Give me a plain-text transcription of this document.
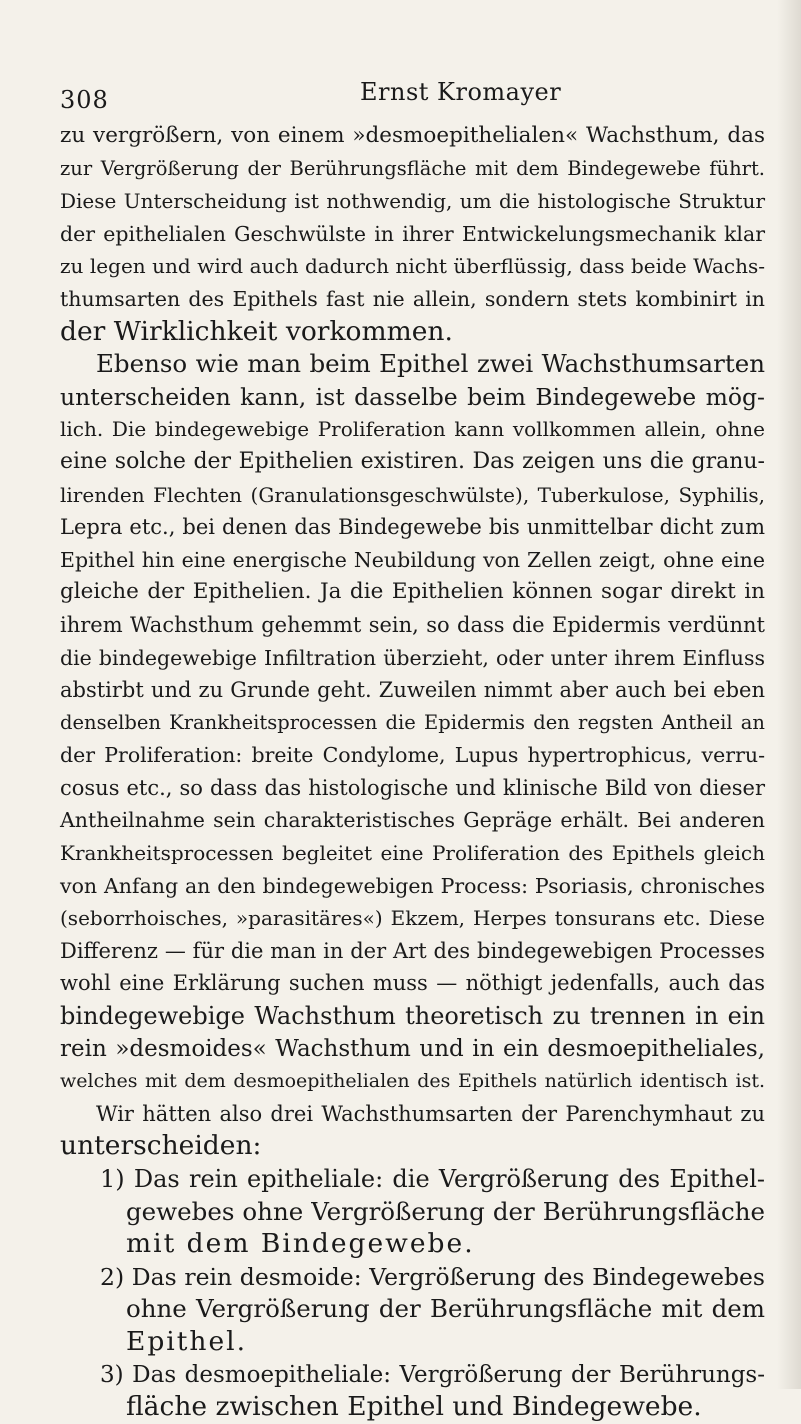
308	Ernst Kromayer
zu vergrößern, von einem »desmoepithelialen« Wachsthum, das
zur Vergrößerung der Berührungsfläche mit dem Bindegewebe führt.
Diese Unterscheidung ist nothwendig, um die histologische Struktur
der epithelialen Geschwülste in ihrer Entwickelungsmechanik klar
zu legen und wird auch dadurch nicht überflüssig, dass beide Wachs-
thumsarten des Epithels fast nie allein, sondern stets kombinirt in
der Wirklichkeit vorkommen.
Ebenso wie man beim Epithel zwei Wachsthumsarten
unterscheiden kann, ist dasselbe beim Bindegewebe mög-
lich. Die bindegewebige Proliferation kann vollkommen allein, ohne
eine solche der Epithelien existiren. Das zeigen uns die granu-
lirenden Flechten (Granulationsgeschwülste), Tuberkulose, Syphilis,
Lepra etc., bei denen das Bindegewebe bis unmittelbar dicht zum
Epithel hin eine energische Neubildung von Zellen zeigt, ohne eine
gleiche der Epithelien. Ja die Epithelien können sogar direkt in
ihrem Wachsthum gehemmt sein, so dass die Epidermis verdünnt
die bindegewebige Infiltration überzieht, oder unter ihrem Einfluss
abstirbt und zu Grunde geht. Zuweilen nimmt aber auch bei eben
denselben Krankheitsprocessen die Epidermis den regsten Antheil an
der Proliferation: breite Condylome, Lupus hypertrophicus, verru-
cosus etc., so dass das histologische und klinische Bild von dieser
Antheilnahme sein charakteristisches Gepräge erhält. Bei anderen
Krankheitsprocessen begleitet eine Proliferation des Epithels gleich
von Anfang an den bindegewebigen Process: Psoriasis, chronisches
(seborrhoisches, »parasitäres«) Ekzem, Herpes tonsurans etc. Diese
Differenz — für die man in der Art des bindegewebigen Processes
wohl eine Erklärung suchen muss — nöthigt jedenfalls, auch das
bindegewebige Wachsthum theoretisch zu trennen in ein
rein »desmoides« Wachsthum und in ein desmoepitheliales,
welches mit dem desmoepithelialen des Epithels natürlich identisch ist.
Wir hätten also drei Wachsthumsarten der Parenchymhaut zu
unterscheiden:
1) Das rein epitheliale: die Vergrößerung des Epithel-
gewebes ohne Vergrößerung der Berührungsfläche
mit dem Bindegewebe.
2) Das rein desmoide: Vergrößerung des Bindegewebes
ohne Vergrößerung der Berührungsfläche mit dem
Epithel.
3) Das desmoepitheliale: Vergrößerung der Berührungs-
fläche zwischen Epithel und Bindegewebe.
